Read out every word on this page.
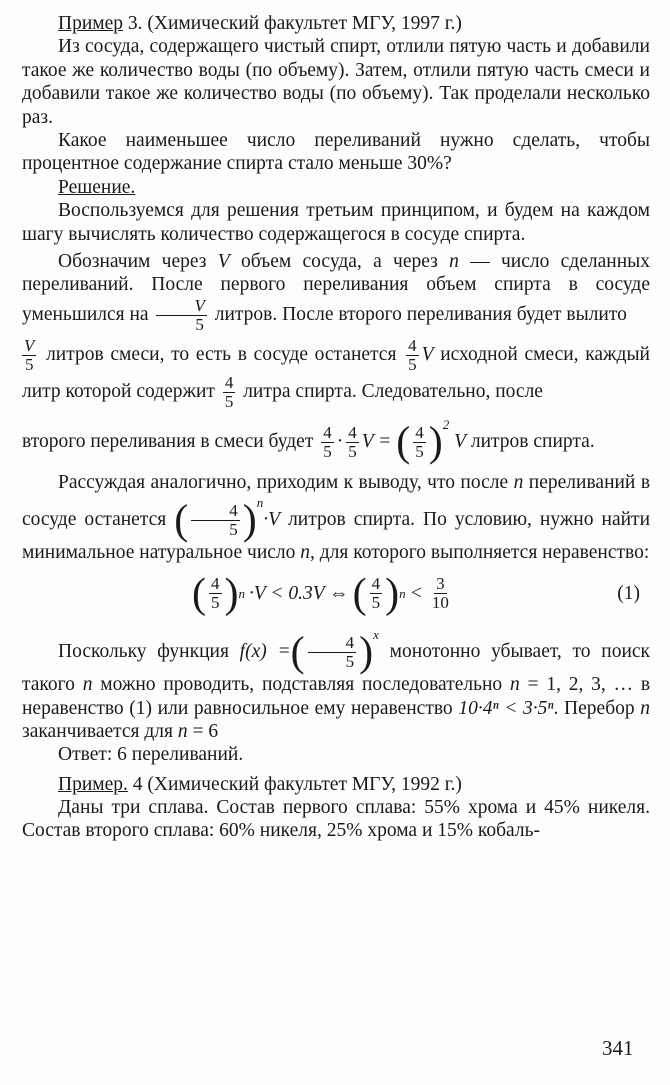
Пример 3. (Химический факультет МГУ, 1997 г.)

Из сосуда, содержащего чистый спирт, отлили пятую часть и добавили такое же количество воды (по объему). Затем, отлили пятую часть смеси и добавили такое же количество воды (по объему). Так проделали несколько раз.

Какое наименьшее число переливаний нужно сделать, чтобы процентное содержание спирта стало меньше 30%?

Решение.

Воспользуемся для решения третьим принципом, и будем на каждом шагу вычислять количество содержащегося в сосуде спирта.

Обозначим через V объем сосуда, а через n — число сделанных переливаний. После первого переливания объем спирта в сосуде уменьшился на $\frac{V}{5}$ литров. После второго переливания будет вылито

$\frac{V}{5}$ литров смеси, то есть в сосуде останется $\frac{4}{5}$ V исходной смеси, каждый литр которой содержит $\frac{4}{5}$ литра спирта. Следовательно, после

второго переливания в смеси будет $\frac{4}{5} \cdot \frac{4}{5}$ V = ( $\frac{4}{5} )^2$ V литров спирта.

Рассуждая аналогично, приходим к выводу, что после n переливаний в сосуде останется ( $\frac{4}{5} )^n\cdot V$ литров спирта. По условию, нужно найти минимальное натуральное число n, для которого выполняется неравенство:

( $\frac{4}{5}$ ) n ·V < 0.3V ⇔ ( $\frac{4}{5}$ ) $n < \frac{3}{10}$	(1)

Поскольку функция f(x) =( $\frac{4}{5} )^x$ монотонно убывает, то поиск такого n можно проводить, подставляя последовательно n = 1, 2, 3, … в неравенство (1) или равносильное ему неравенство 10·4ⁿ < 3·5ⁿ. Перебор n заканчивается для n = 6

Ответ: 6 переливаний.

Пример. 4 (Химический факультет МГУ, 1992 г.)

Даны три сплава. Состав первого сплава: 55% хрома и 45% никеля. Состав второго сплава: 60% никеля, 25% хрома и 15% кобаль-

341
